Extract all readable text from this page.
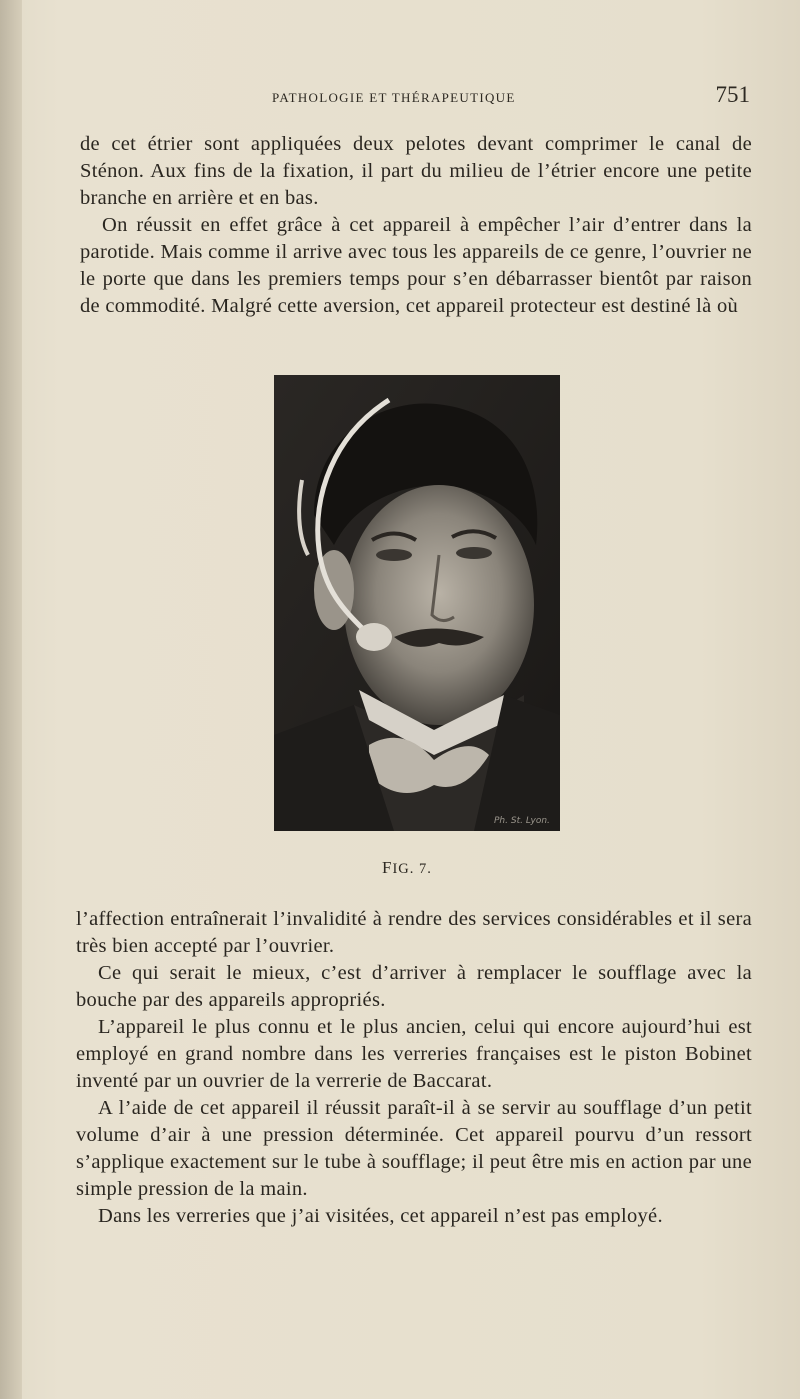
PATHOLOGIE ET THÉRAPEUTIQUE	751

de cet étrier sont appliquées deux pelotes devant comprimer le canal de Sténon. Aux fins de la fixation, il part du milieu de l’étrier encore une petite branche en arrière et en bas.

On réussit en effet grâce à cet appareil à empêcher l’air d’entrer dans la parotide. Mais comme il arrive avec tous les appareils de ce genre, l’ouvrier ne le porte que dans les premiers temps pour s’en débarrasser bientôt par raison de commodité. Malgré cette aversion, cet appareil protecteur est destiné là où

Ph. St. Lyon.
FIG. 7.

l’affection entraînerait l’invalidité à rendre des services considérables et il sera très bien accepté par l’ouvrier.

Ce qui serait le mieux, c’est d’arriver à remplacer le soufflage avec la bouche par des appareils appropriés.

L’appareil le plus connu et le plus ancien, celui qui encore aujourd’hui est employé en grand nombre dans les verreries françaises est le piston Bobinet inventé par un ouvrier de la verrerie de Baccarat.

A l’aide de cet appareil il réussit paraît-il à se servir au soufflage d’un petit volume d’air à une pression déterminée. Cet appareil pourvu d’un ressort s’applique exactement sur le tube à soufflage; il peut être mis en action par une simple pression de la main.

Dans les verreries que j’ai visitées, cet appareil n’est pas employé.
